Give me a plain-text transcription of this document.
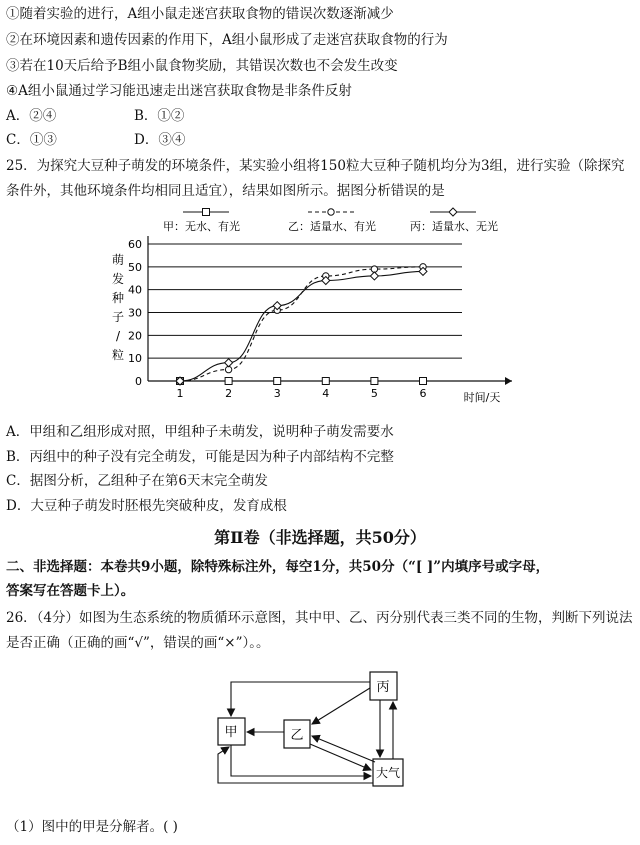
①随着实验的进行，A组小鼠走迷宫获取食物的错误次数逐渐减少
②在环境因素和遗传因素的作用下，A组小鼠形成了走迷宫获取食物的行为
③若在10天后给予B组小鼠食物奖励，其错误次数也不会发生改变
④A组小鼠通过学习能迅速走出迷宫获取食物是非条件反射
A．②④	B．①②
C．①③	D．③④
25．为探究大豆种子萌发的环境条件，某实验小组将150粒大豆种子随机均分为3组，进行实验（除探究
条件外，其他环境条件均相同且适宜），结果如图所示。据图分析错误的是
甲：无水、有光	乙：适量水、有光	丙：适量水、无光
萌
发
种
子
/
粒
0
10
20
30
40
50
60
1	2	3	4	5	6	时间/天
A．甲组和乙组形成对照，甲组种子未萌发，说明种子萌发需要水
B．丙组中的种子没有完全萌发，可能是因为种子内部结构不完整
C．据图分析，乙组种子在第6天末完全萌发
D．大豆种子萌发时胚根先突破种皮，发育成根
第Ⅱ卷（非选择题，共50分）
二、非选择题：本卷共9小题，除特殊标注外，每空1分，共50分（“[ ]”内填序号或字母，
答案写在答题卡上）。
26．（4分）如图为生态系统的物质循环示意图，其中甲、乙、丙分别代表三类不同的生物，判断下列说法
是否正确（正确的画“√”，错误的画“×”）。。
甲	乙
丙
大气
（1）图中的甲是分解者。( )
